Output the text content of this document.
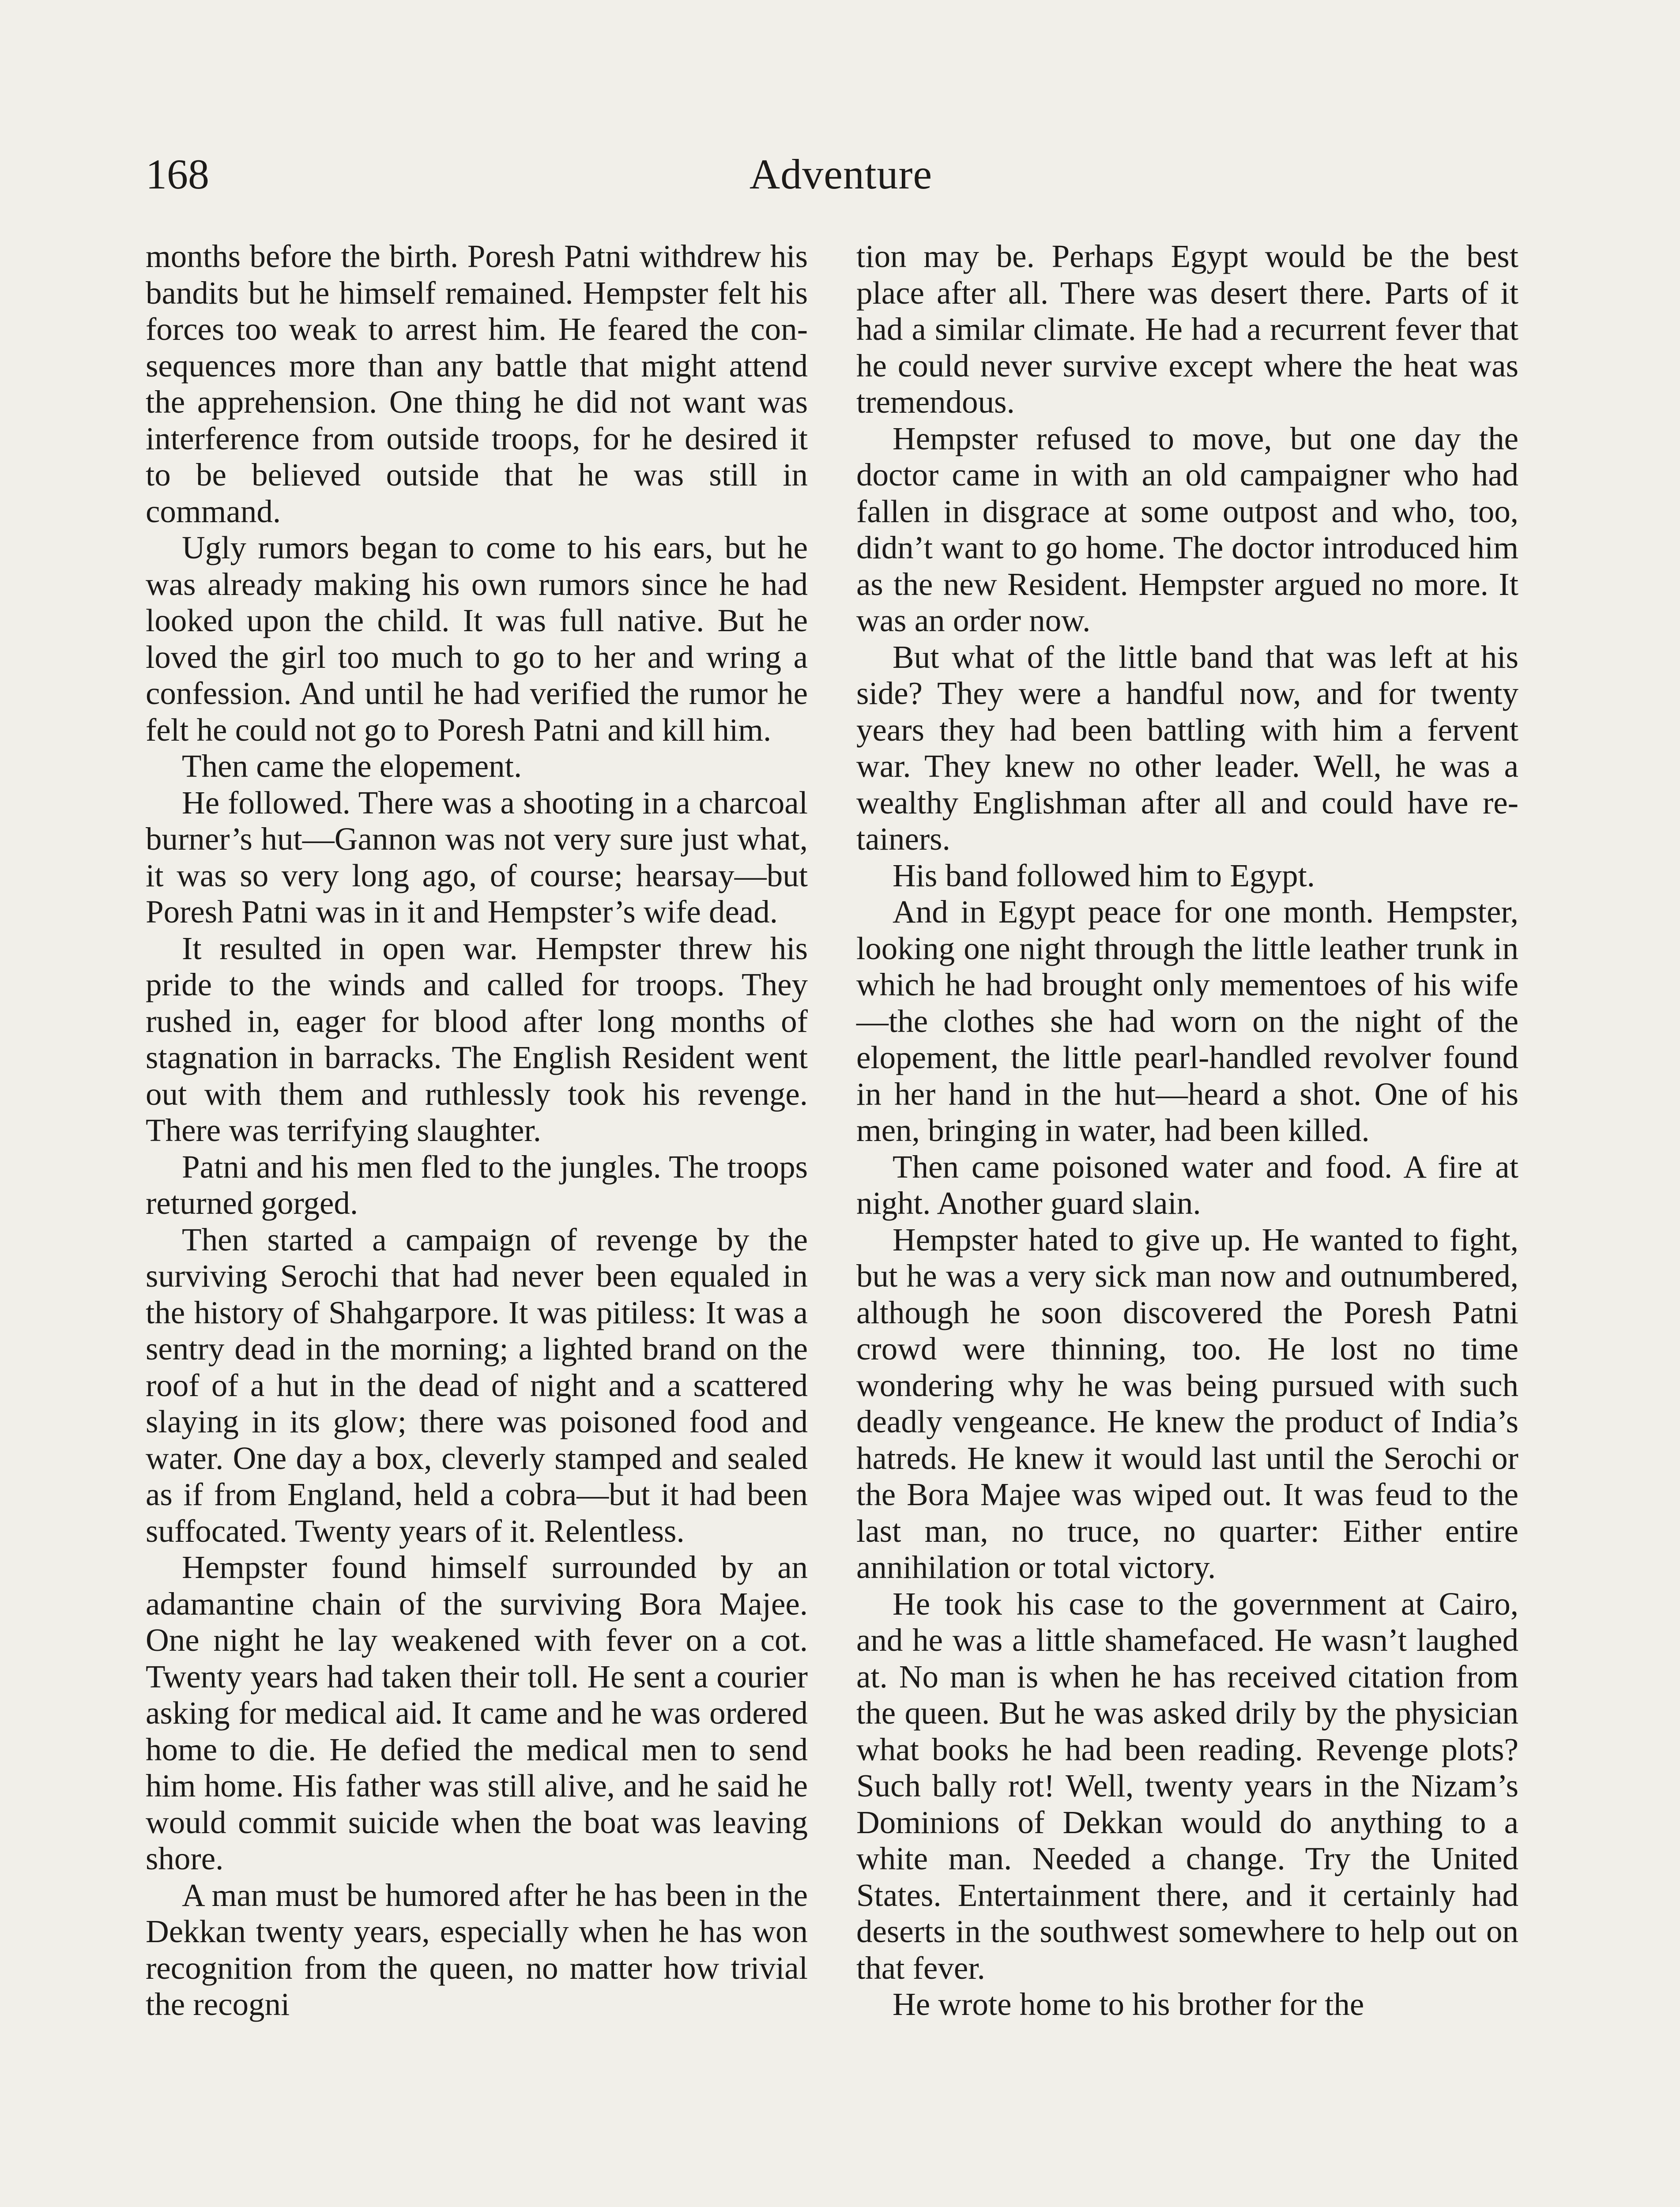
168	Adventure

months before the birth. Poresh Patni withdrew his bandits but he himself remained. Hempster felt his forces too weak to arrest him. He feared the consequences more than any battle that might attend the apprehension. One thing he did not want was interference from outside troops, for he desired it to be believed outside that he was still in command.

Ugly rumors began to come to his ears, but he was already making his own rumors since he had looked upon the child. It was full native. But he loved the girl too much to go to her and wring a confession. And until he had verified the rumor he felt he could not go to Poresh Patni and kill him.

Then came the elopement.

He followed. There was a shooting in a charcoal burner’s hut—Gannon was not very sure just what, it was so very long ago, of course; hearsay—but Poresh Patni was in it and Hempster’s wife dead.

It resulted in open war. Hempster threw his pride to the winds and called for troops. They rushed in, eager for blood after long months of stagnation in barracks. The English Resident went out with them and ruthlessly took his revenge. There was terrifying slaughter.

Patni and his men fled to the jungles. The troops returned gorged.

Then started a campaign of revenge by the surviving Serochi that had never been equaled in the history of Shahgarpore. It was pitiless: It was a sentry dead in the morning; a lighted brand on the roof of a hut in the dead of night and a scattered slaying in its glow; there was poisoned food and water. One day a box, cleverly stamped and sealed as if from England, held a cobra—but it had been suffocated. Twenty years of it. Relentless.

Hempster found himself surrounded by an adamantine chain of the surviving Bora Majee. One night he lay weakened with fever on a cot. Twenty years had taken their toll. He sent a courier asking for medical aid. It came and he was ordered home to die. He defied the medical men to send him home. His father was still alive, and he said he would commit suicide when the boat was leaving shore.

A man must be humored after he has been in the Dekkan twenty years, especially when he has won recognition from the queen, no matter how trivial the recogni

tion may be. Perhaps Egypt would be the best place after all. There was desert there. Parts of it had a similar climate. He had a recurrent fever that he could never survive except where the heat was tremendous.

Hempster refused to move, but one day the doctor came in with an old campaigner who had fallen in disgrace at some outpost and who, too, didn’t want to go home. The doctor introduced him as the new Resident. Hempster argued no more. It was an order now.

But what of the little band that was left at his side? They were a handful now, and for twenty years they had been battling with him a fervent war. They knew no other leader. Well, he was a wealthy Englishman after all and could have retainers.

His band followed him to Egypt.

And in Egypt peace for one month. Hempster, looking one night through the little leather trunk in which he had brought only mementoes of his wife—the clothes she had worn on the night of the elopement, the little pearl-handled revolver found in her hand in the hut—heard a shot. One of his men, bringing in water, had been killed.

Then came poisoned water and food. A fire at night. Another guard slain.

Hempster hated to give up. He wanted to fight, but he was a very sick man now and outnumbered, although he soon discovered the Poresh Patni crowd were thinning, too. He lost no time wondering why he was being pursued with such deadly vengeance. He knew the product of India’s hatreds. He knew it would last until the Serochi or the Bora Majee was wiped out. It was feud to the last man, no truce, no quarter: Either entire annihilation or total victory.

He took his case to the government at Cairo, and he was a little shamefaced. He wasn’t laughed at. No man is when he has received citation from the queen. But he was asked drily by the physician what books he had been reading. Revenge plots? Such bally rot! Well, twenty years in the Nizam’s Dominions of Dekkan would do anything to a white man. Needed a change. Try the United States. Entertainment there, and it certainly had deserts in the southwest somewhere to help out on that fever.

He wrote home to his brother for the
